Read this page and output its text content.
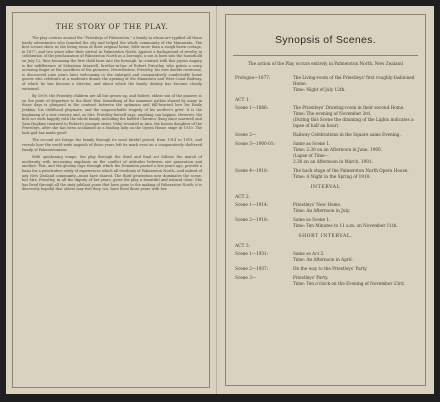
THE STORY OF THE PLAY.

The play centres around the "Priestleys of Palmerston," a family in whom are typified all those hardy adventurers who founded the city and helped the whole community of the Manawatu. The first scenes show us the living room of their original home, little more than a rough-hewn cottage, in 1877, and two years after their arrival in Palmerston North. Against a background of revelry in celebration of the proclamation of Palmerston North as a borough, a son is born into the household on July 12, thus becoming the first child born into the borough. In contrast with this joyous augury is the indifference of Sebastian Maxwell, brother-in-law of Robert Priestley, who points a sorry accusing finger at the sacrifices of the pioneers. Nevertheless, Priestley, his own doubts overcome, is discovered nine years later welcoming to the enlarged and comparatively comfortable home guests who celebrate at a moderate dinner the opening of the Manawatu and West Coast Railway, of which he has become a director, and about which the family destiny has become closely entwined.

By 1909, the Priestley children are all but grown up, and Robert, eldest son of the pioneer, is on the point of departure to the Boer War. Something of the immense pathos shared by many in those days is glimpsed in the contrast between the optimism and full-hearted love for Emily Jenkins, his childhood playmate, and the unquenchable tragedy of his mother's grief. It is the beginning of a new century and, as Mrs. Priestley herself says, anything can happen. However, the first act ends happily with the whole family, including the baffled Clarence (long since married) and Sam Hopkins (married to Robert's younger sister, Vida) reunited in Ann, the bosom daughter of the Priestleys, after she has been acclaimed as a leading lady on the Opera House stage in 1910. The look god has made good!

The second act brings the family through its most fateful period, from 1914 to 1919, and reveals how the world-wide anguish of those years left its mark even on a comparatively sheltered family of Palmerstonians.

With quickening tempo, the play through the third and final act follows the march of modernity with increasing emphasis on the conflict of attitudes between one generation and another. This, and the gloomy days through which the Dominion passed a few years ago, provide a basis for a penetrative study of experiences which all residents of Palmerston North—and indeed of any New Zealand community—must have shared. The third generation now dominates the scene, but Mrs. Priestley, in all the dignity of her years, gives the play a beautiful and natural close. She has lived through all the sixty jubilant years that have gone to the making of Palmerston North; it is discreetly hopeful that others may feel they, too, have lived those years with her.

Synopsis of Scenes.
The action of the Play occurs entirely in Palmerston North, New Zealand
Prologue—1877:	The Living-room of the Priestleys' first roughly-fashioned Home.
Time: Night of July 12th.
ACT 1.
Scene 1—1886:	The Priestleys' Drawing-room in their second Home.
Time: The evening of November 3rd.
(During this Scene the dimming of the Lights indicates a lapse of half an hour).
Scene 2—	Railway Celebrations in the Square same Evening.
Scene 3—1900-01:	Same as Scene 1.
Time: 2.30 on an Afternoon in June, 1900.
(Lapse of Time—
2.30 on an Afternoon in March, 1901.
Scene 4—1910:	The back stage of the Palmerston North Opera House.
Time: A Night in the Spring of 1910.
INTERVAL
ACT 2.
Scene 1—1914:	Priestleys' New Home.
Time: An Afternoon in July.
Scene 2—1918:	Same as Scene 1.
Time: Ten Minutes to 11 a.m. on November 11th.
SHORT INTERVAL.
ACT 3.
Scene 1—1931:	Same as Act 2.
Time: An Afternoon in April.
Scene 2—1937:	On the way to the Priestleys' Party.
Scene 3—	Priestleys' Party.
Time: Ten o'clock on the Evening of November 23rd.
